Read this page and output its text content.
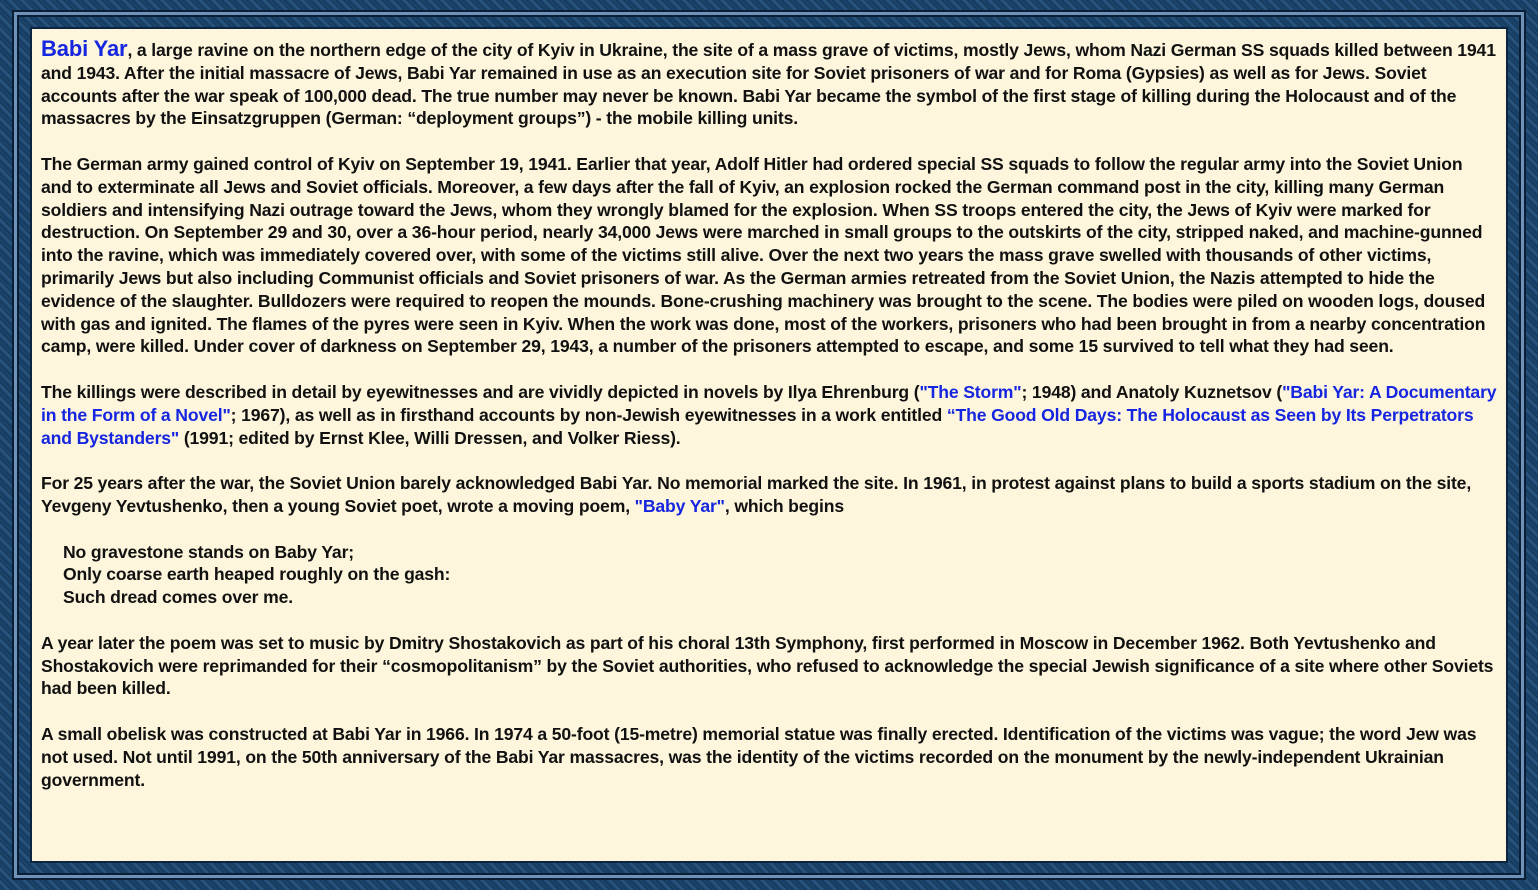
Babi Yar, a large ravine on the northern edge of the city of Kyiv in Ukraine, the site of a mass grave of victims, mostly Jews, whom Nazi German SS squads killed between 1941 and 1943. After the initial massacre of Jews, Babi Yar remained in use as an execution site for Soviet prisoners of war and for Roma (Gypsies) as well as for Jews. Soviet accounts after the war speak of 100,000 dead. The true number may never be known. Babi Yar became the symbol of the first stage of killing during the Holocaust and of the massacres by the Einsatzgruppen (German: “deployment groups”) - the mobile killing units.

The German army gained control of Kyiv on September 19, 1941. Earlier that year, Adolf Hitler had ordered special SS squads to follow the regular army into the Soviet Union and to exterminate all Jews and Soviet officials. Moreover, a few days after the fall of Kyiv, an explosion rocked the German command post in the city, killing many German soldiers and intensifying Nazi outrage toward the Jews, whom they wrongly blamed for the explosion. When SS troops entered the city, the Jews of Kyiv were marked for destruction. On September 29 and 30, over a 36-hour period, nearly 34,000 Jews were marched in small groups to the outskirts of the city, stripped naked, and machine-gunned into the ravine, which was immediately covered over, with some of the victims still alive. Over the next two years the mass grave swelled with thousands of other victims, primarily Jews but also including Communist officials and Soviet prisoners of war. As the German armies retreated from the Soviet Union, the Nazis attempted to hide the evidence of the slaughter. Bulldozers were required to reopen the mounds. Bone-crushing machinery was brought to the scene. The bodies were piled on wooden logs, doused with gas and ignited. The flames of the pyres were seen in Kyiv. When the work was done, most of the workers, prisoners who had been brought in from a nearby concentration camp, were killed. Under cover of darkness on September 29, 1943, a number of the prisoners attempted to escape, and some 15 survived to tell what they had seen.

The killings were described in detail by eyewitnesses and are vividly depicted in novels by Ilya Ehrenburg ("The Storm"; 1948) and Anatoly Kuznetsov ("Babi Yar: A Documentary in the Form of a Novel"; 1967), as well as in firsthand accounts by non-Jewish eyewitnesses in a work entitled “The Good Old Days: The Holocaust as Seen by Its Perpetrators and Bystanders" (1991; edited by Ernst Klee, Willi Dressen, and Volker Riess).

For 25 years after the war, the Soviet Union barely acknowledged Babi Yar. No memorial marked the site. In 1961, in protest against plans to build a sports stadium on the site, Yevgeny Yevtushenko, then a young Soviet poet, wrote a moving poem, "Baby Yar", which begins

No gravestone stands on Baby Yar;
Only coarse earth heaped roughly on the gash:
Such dread comes over me.

A year later the poem was set to music by Dmitry Shostakovich as part of his choral 13th Symphony, first performed in Moscow in December 1962. Both Yevtushenko and Shostakovich were reprimanded for their “cosmopolitanism” by the Soviet authorities, who refused to acknowledge the special Jewish significance of a site where other Soviets had been killed.

A small obelisk was constructed at Babi Yar in 1966. In 1974 a 50-foot (15-metre) memorial statue was finally erected. Identification of the victims was vague; the word Jew was not used. Not until 1991, on the 50th anniversary of the Babi Yar massacres, was the identity of the victims recorded on the monument by the newly-independent Ukrainian government.
